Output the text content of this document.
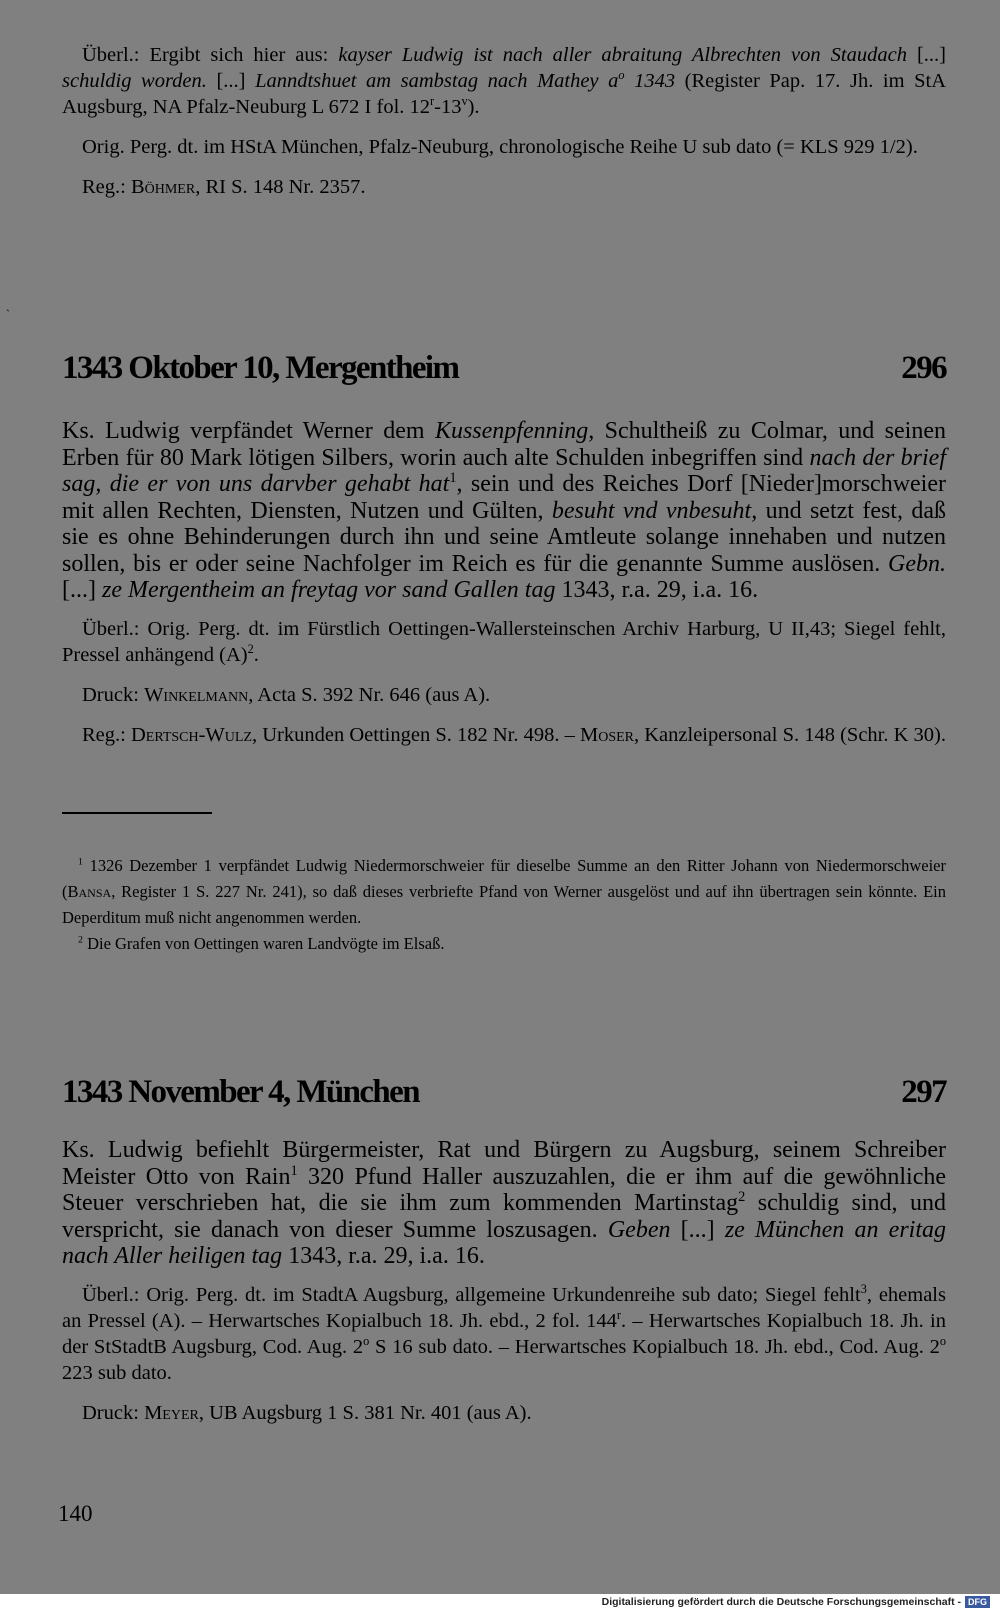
Überl.: Ergibt sich hier aus: kayser Ludwig ist nach aller abraitung Albrechten von Staudach [...] schuldig worden. [...] Lanndtshuet am sambstag nach Mathey $a^o$ 1343 (Register Pap. 17. Jh. im StA Augsburg, NA Pfalz-Neuburg L 672 I fol. 12$^r$-13$^v$).

Orig. Perg. dt. im HStA München, Pfalz-Neuburg, chronologische Reihe U sub dato (= KLS 929 1/2).

Reg.: Böhmer, RI S. 148 Nr. 2357.

`
1343 Oktober 10, Mergentheim	296

Ks. Ludwig verpfändet Werner dem Kussenpfenning, Schultheiß zu Colmar, und seinen Erben für 80 Mark lötigen Silbers, worin auch alte Schulden inbegriffen sind nach der brief sag, die er von uns darvber gehabt hat$^1$, sein und des Reiches Dorf [Nieder]morschweier mit allen Rechten, Diensten, Nutzen und Gülten, besuht vnd vnbesuht, und setzt fest, daß sie es ohne Behinderungen durch ihn und seine Amtleute solange innehaben und nutzen sollen, bis er oder seine Nachfolger im Reich es für die genannte Summe auslösen. Gebn. [...] ze Mergentheim an freytag vor sand Gallen tag 1343, r.a. 29, i.a. 16.

Überl.: Orig. Perg. dt. im Fürstlich Oettingen-Wallersteinschen Archiv Harburg, U II,43; Siegel fehlt, Pressel anhängend $(A)^2$.

Druck: Winkelmann, Acta S. 392 Nr. 646 (aus A).

Reg.: Dertsch-Wulz, Urkunden Oettingen S. 182 Nr. 498. – Moser, Kanzleipersonal S. 148 (Schr. K 30).

$^1$ 1326 Dezember 1 verpfändet Ludwig Niedermorschweier für dieselbe Summe an den Ritter Johann von Niedermorschweier (Bansa, Register 1 S. 227 Nr. 241), so daß dieses verbriefte Pfand von Werner ausgelöst und auf ihn übertragen sein könnte. Ein Deperditum muß nicht angenommen werden.

$^2$ Die Grafen von Oettingen waren Landvögte im Elsaß.

1343 November 4, München	297

Ks. Ludwig befiehlt Bürgermeister, Rat und Bürgern zu Augsburg, seinem Schreiber Meister Otto von Rain$^1$ 320 Pfund Haller auszuzahlen, die er ihm auf die gewöhnliche Steuer verschrieben hat, die sie ihm zum kommenden Martinstag$^2$ schuldig sind, und verspricht, sie danach von dieser Summe loszusagen. Geben [...] ze München an eritag nach Aller heiligen tag 1343, r.a. 29, i.a. 16.

Überl.: Orig. Perg. dt. im StadtA Augsburg, allgemeine Urkundenreihe sub dato; Siegel fehlt$^3$, ehemals an Pressel (A). – Herwartsches Kopialbuch 18. Jh. ebd., 2 fol. 144$^r$. – Herwartsches Kopialbuch 18. Jh. in der StStadtB Augsburg, Cod. Aug. 2$^o$ S 16 sub dato. – Herwartsches Kopialbuch 18. Jh. ebd., Cod. Aug. 2$^o$ 223 sub dato.

Druck: Meyer, UB Augsburg 1 S. 381 Nr. 401 (aus A).

140
Digitalisierung gefördert durch die Deutsche Forschungsgemeinschaft - DFG
